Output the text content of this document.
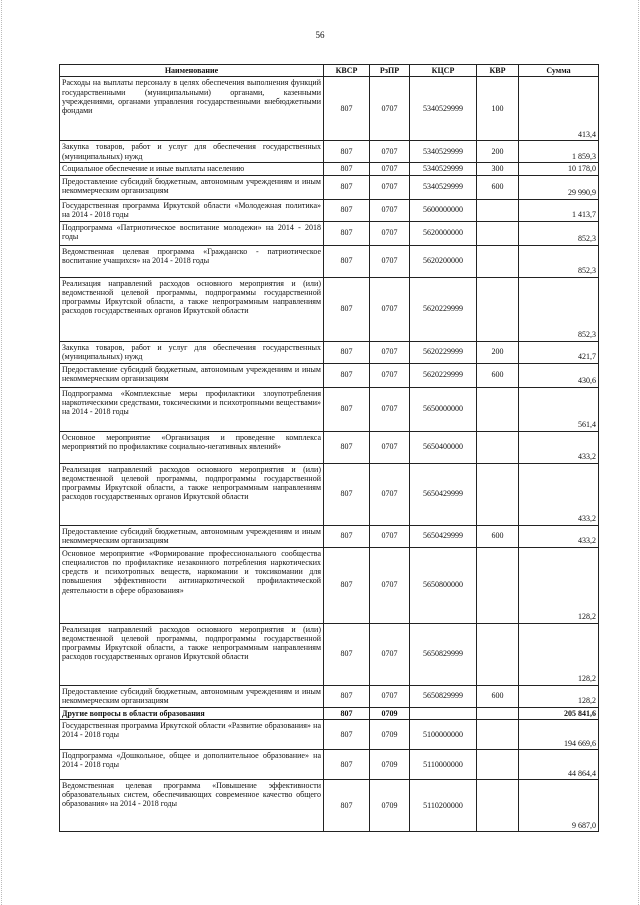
56
Наименование	КВСР	РзПР	КЦСР	КВР	Сумма
Расходы на выплаты персоналу в целях обеспечения выполнения функций государственными (муниципальными) органами, казенными учреждениями, органами управления государственными внебюджетными фондами	807	0707	5340529999	100	413,4
Закупка товаров, работ и услуг для обеспечения государственных (муниципальных) нужд	807	0707	5340529999	200	1 859,3
Социальное обеспечение и иные выплаты населению	807	0707	5340529999	300	10 178,0
Предоставление субсидий бюджетным, автономным учреждениям и иным некоммерческим организациям	807	0707	5340529999	600	29 990,9
Государственная программа Иркутской области «Молодежная политика» на 2014 - 2018 годы	807	0707	5600000000		1 413,7
Подпрограмма «Патриотическое воспитание молодежи» на 2014 - 2018 годы	807	0707	5620000000		852,3
Ведомственная целевая программа «Гражданско - патриотическое воспитание учащихся» на 2014 - 2018 годы	807	0707	5620200000		852,3
Реализация направлений расходов основного мероприятия и (или) ведомственной целевой программы, подпрограммы государственной программы Иркутской области, а также непрограммным направлениям расходов государственных органов Иркутской области	807	0707	5620229999		852,3
Закупка товаров, работ и услуг для обеспечения государственных (муниципальных) нужд	807	0707	5620229999	200	421,7
Предоставление субсидий бюджетным, автономным учреждениям и иным некоммерческим организациям	807	0707	5620229999	600	430,6
Подпрограмма «Комплексные меры профилактики злоупотребления наркотическими средствами, токсическими и психотропными веществами» на 2014 - 2018 годы	807	0707	5650000000		561,4
Основное мероприятие «Организация и проведение комплекса мероприятий по профилактике социально-негативных явлений»	807	0707	5650400000		433,2
Реализация направлений расходов основного мероприятия и (или) ведомственной целевой программы, подпрограммы государственной программы Иркутской области, а также непрограммным направлениям расходов государственных органов Иркутской области	807	0707	5650429999		433,2
Предоставление субсидий бюджетным, автономным учреждениям и иным некоммерческим организациям	807	0707	5650429999	600	433,2
Основное мероприятие «Формирование профессионального сообщества специалистов по профилактике незаконного потребления наркотических средств и психотропных веществ, наркомании и токсикомании для повышения эффективности антинаркотической профилактической деятельности в сфере образования»	807	0707	5650800000		128,2
Реализация направлений расходов основного мероприятия и (или) ведомственной целевой программы, подпрограммы государственной программы Иркутской области, а также непрограммным направлениям расходов государственных органов Иркутской области	807	0707	5650829999		128,2
Предоставление субсидий бюджетным, автономным учреждениям и иным некоммерческим организациям	807	0707	5650829999	600	128,2
Другие вопросы в области образования	807	0709			205 841,6
Государственная программа Иркутской области «Развитие образования» на 2014 - 2018 годы	807	0709	5100000000		194 669,6
Подпрограмма «Дошкольное, общее и дополнительное образование» на 2014 - 2018 годы	807	0709	5110000000		44 864,4
Ведомственная целевая программа «Повышение эффективности образовательных систем, обеспечивающих современное качество общего образования» на 2014 - 2018 годы	807	0709	5110200000		9 687,0
